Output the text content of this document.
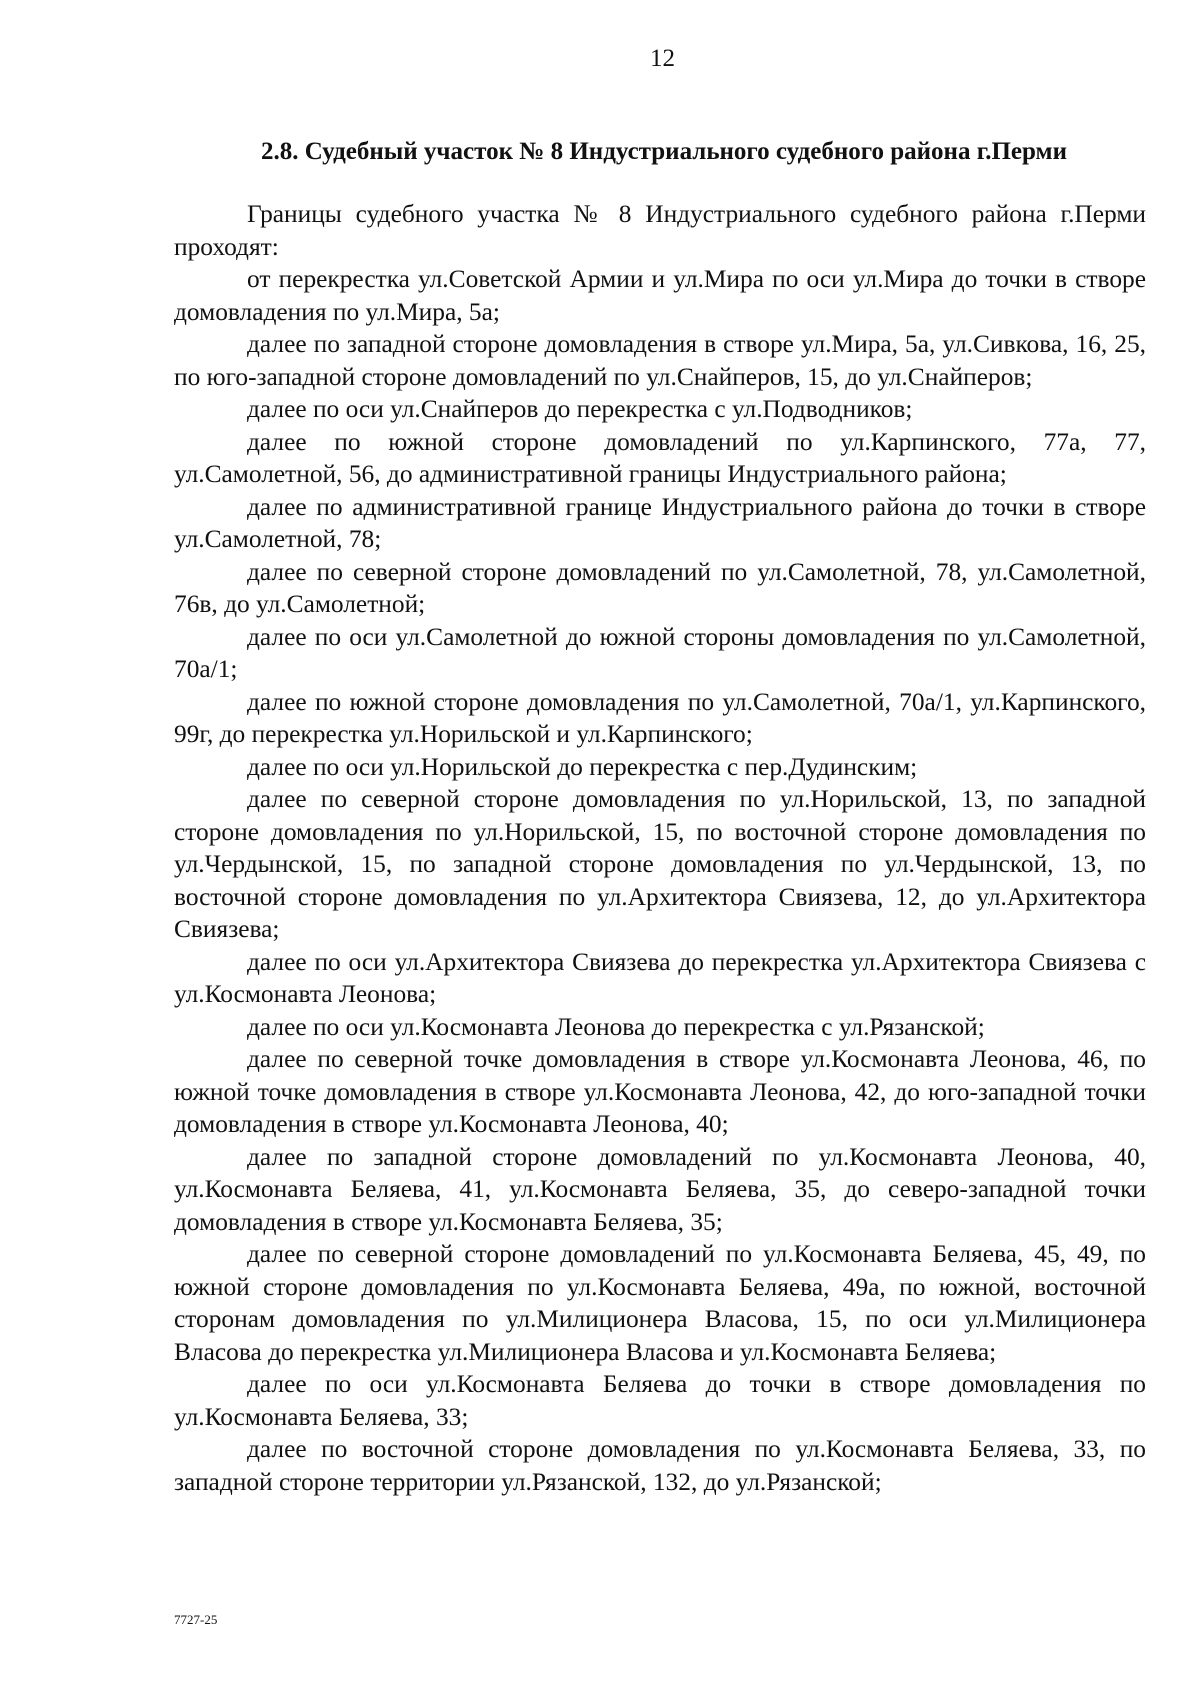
12
2.8. Судебный участок № 8 Индустриального судебного района г.Перми

Границы судебного участка № 8 Индустриального судебного района г.Перми проходят:

от перекрестка ул.Советской Армии и ул.Мира по оси ул.Мира до точки в створе домовладения по ул.Мира, 5а;

далее по западной стороне домовладения в створе ул.Мира, 5а, ул.Сивкова, 16, 25, по юго-западной стороне домовладений по ул.Снайперов, 15, до ул.Снайперов;

далее по оси ул.Снайперов до перекрестка с ул.Подводников;

далее по южной стороне домовладений по ул.Карпинского, 77а, 77, ул.Самолетной, 56, до административной границы Индустриального района;

далее по административной границе Индустриального района до точки в створе ул.Самолетной, 78;

далее по северной стороне домовладений по ул.Самолетной, 78, ул.Самолетной, 76в, до ул.Самолетной;

далее по оси ул.Самолетной до южной стороны домовладения по ул.Самолетной, 70а/1;

далее по южной стороне домовладения по ул.Самолетной, 70а/1, ул.Карпинского, 99г, до перекрестка ул.Норильской и ул.Карпинского;

далее по оси ул.Норильской до перекрестка с пер.Дудинским;

далее по северной стороне домовладения по ул.Норильской, 13, по западной стороне домовладения по ул.Норильской, 15, по восточной стороне домовладения по ул.Чердынской, 15, по западной стороне домовладения по ул.Чердынской, 13, по восточной стороне домовладения по ул.Архитектора Свиязева, 12, до ул.Архитектора Свиязева;

далее по оси ул.Архитектора Свиязева до перекрестка ул.Архитектора Свиязева с ул.Космонавта Леонова;

далее по оси ул.Космонавта Леонова до перекрестка с ул.Рязанской;

далее по северной точке домовладения в створе ул.Космонавта Леонова, 46, по южной точке домовладения в створе ул.Космонавта Леонова, 42, до юго-западной точки домовладения в створе ул.Космонавта Леонова, 40;

далее по западной стороне домовладений по ул.Космонавта Леонова, 40, ул.Космонавта Беляева, 41, ул.Космонавта Беляева, 35, до северо-западной точки домовладения в створе ул.Космонавта Беляева, 35;

далее по северной стороне домовладений по ул.Космонавта Беляева, 45, 49, по южной стороне домовладения по ул.Космонавта Беляева, 49а, по южной, восточной сторонам домовладения по ул.Милиционера Власова, 15, по оси ул.Милиционера Власова до перекрестка ул.Милиционера Власова и ул.Космонавта Беляева;

далее по оси ул.Космонавта Беляева до точки в створе домовладения по ул.Космонавта Беляева, 33;

далее по восточной стороне домовладения по ул.Космонавта Беляева, 33, по западной стороне территории ул.Рязанской, 132, до ул.Рязанской;

7727-25
